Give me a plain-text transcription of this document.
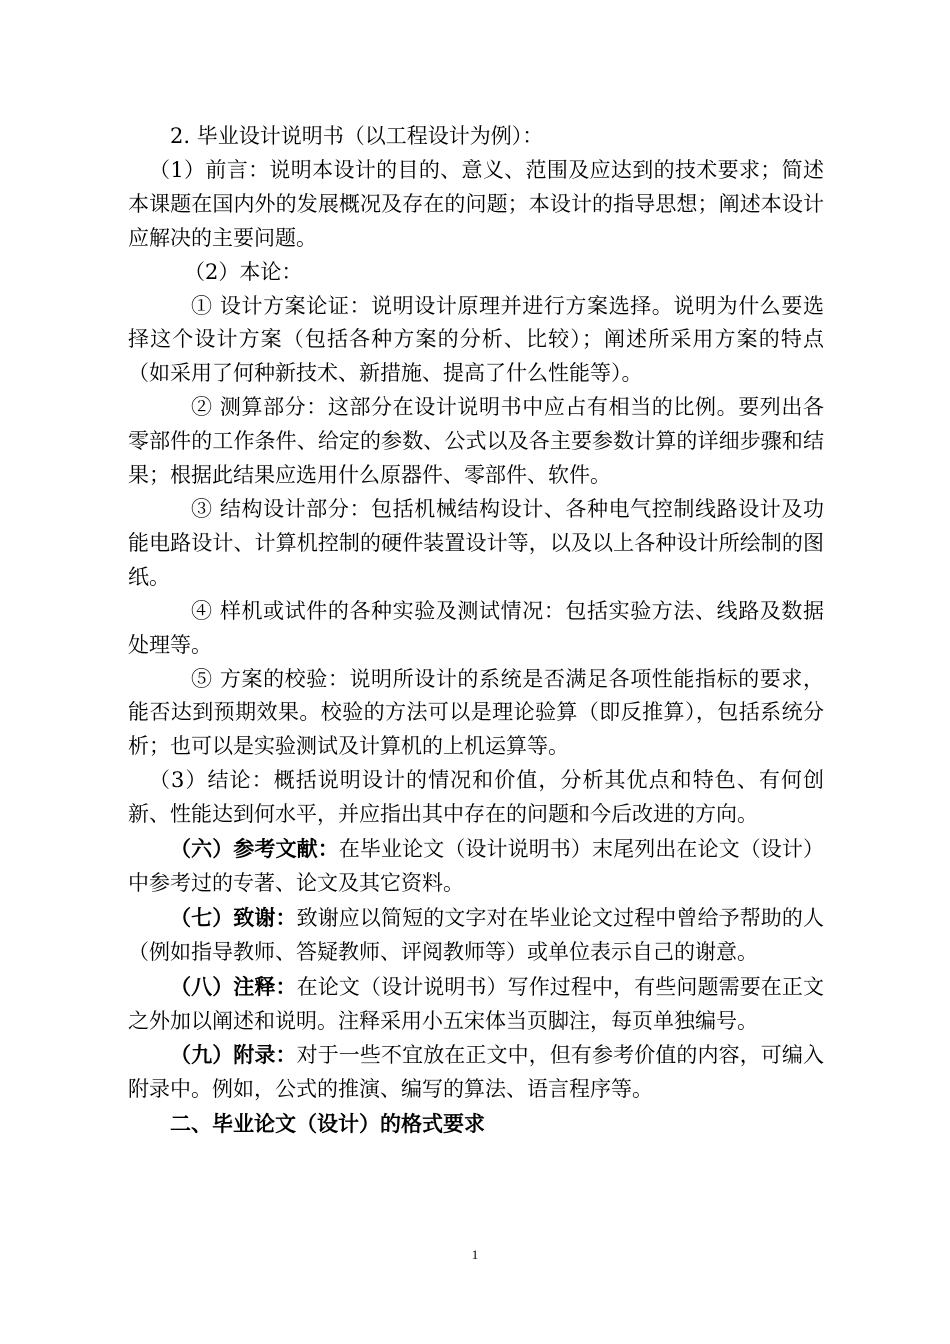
2. 毕业设计说明书（以工程设计为例）：

（1）前言：说明本设计的目的、意义、范围及应达到的技术要求；简述本课题在国内外的发展概况及存在的问题；本设计的指导思想；阐述本设计应解决的主要问题。

（2）本论：

① 设计方案论证：说明设计原理并进行方案选择。说明为什么要选择这个设计方案（包括各种方案的分析、比较）；阐述所采用方案的特点（如采用了何种新技术、新措施、提高了什么性能等）。

② 测算部分：这部分在设计说明书中应占有相当的比例。要列出各零部件的工作条件、给定的参数、公式以及各主要参数计算的详细步骤和结果；根据此结果应选用什么原器件、零部件、软件。

③ 结构设计部分：包括机械结构设计、各种电气控制线路设计及功能电路设计、计算机控制的硬件装置设计等，以及以上各种设计所绘制的图纸。

④ 样机或试件的各种实验及测试情况：包括实验方法、线路及数据处理等。

⑤ 方案的校验：说明所设计的系统是否满足各项性能指标的要求，能否达到预期效果。校验的方法可以是理论验算（即反推算），包括系统分析；也可以是实验测试及计算机的上机运算等。

（3）结论：概括说明设计的情况和价值，分析其优点和特色、有何创新、性能达到何水平，并应指出其中存在的问题和今后改进的方向。

（六）参考文献：在毕业论文（设计说明书）末尾列出在论文（设计）中参考过的专著、论文及其它资料。

（七）致谢：致谢应以简短的文字对在毕业论文过程中曾给予帮助的人（例如指导教师、答疑教师、评阅教师等）或单位表示自己的谢意。

（八）注释：在论文（设计说明书）写作过程中，有些问题需要在正文之外加以阐述和说明。注释采用小五宋体当页脚注，每页单独编号。

（九）附录：对于一些不宜放在正文中，但有参考价值的内容，可编入附录中。例如，公式的推演、编写的算法、语言程序等。

二、毕业论文（设计）的格式要求

1
